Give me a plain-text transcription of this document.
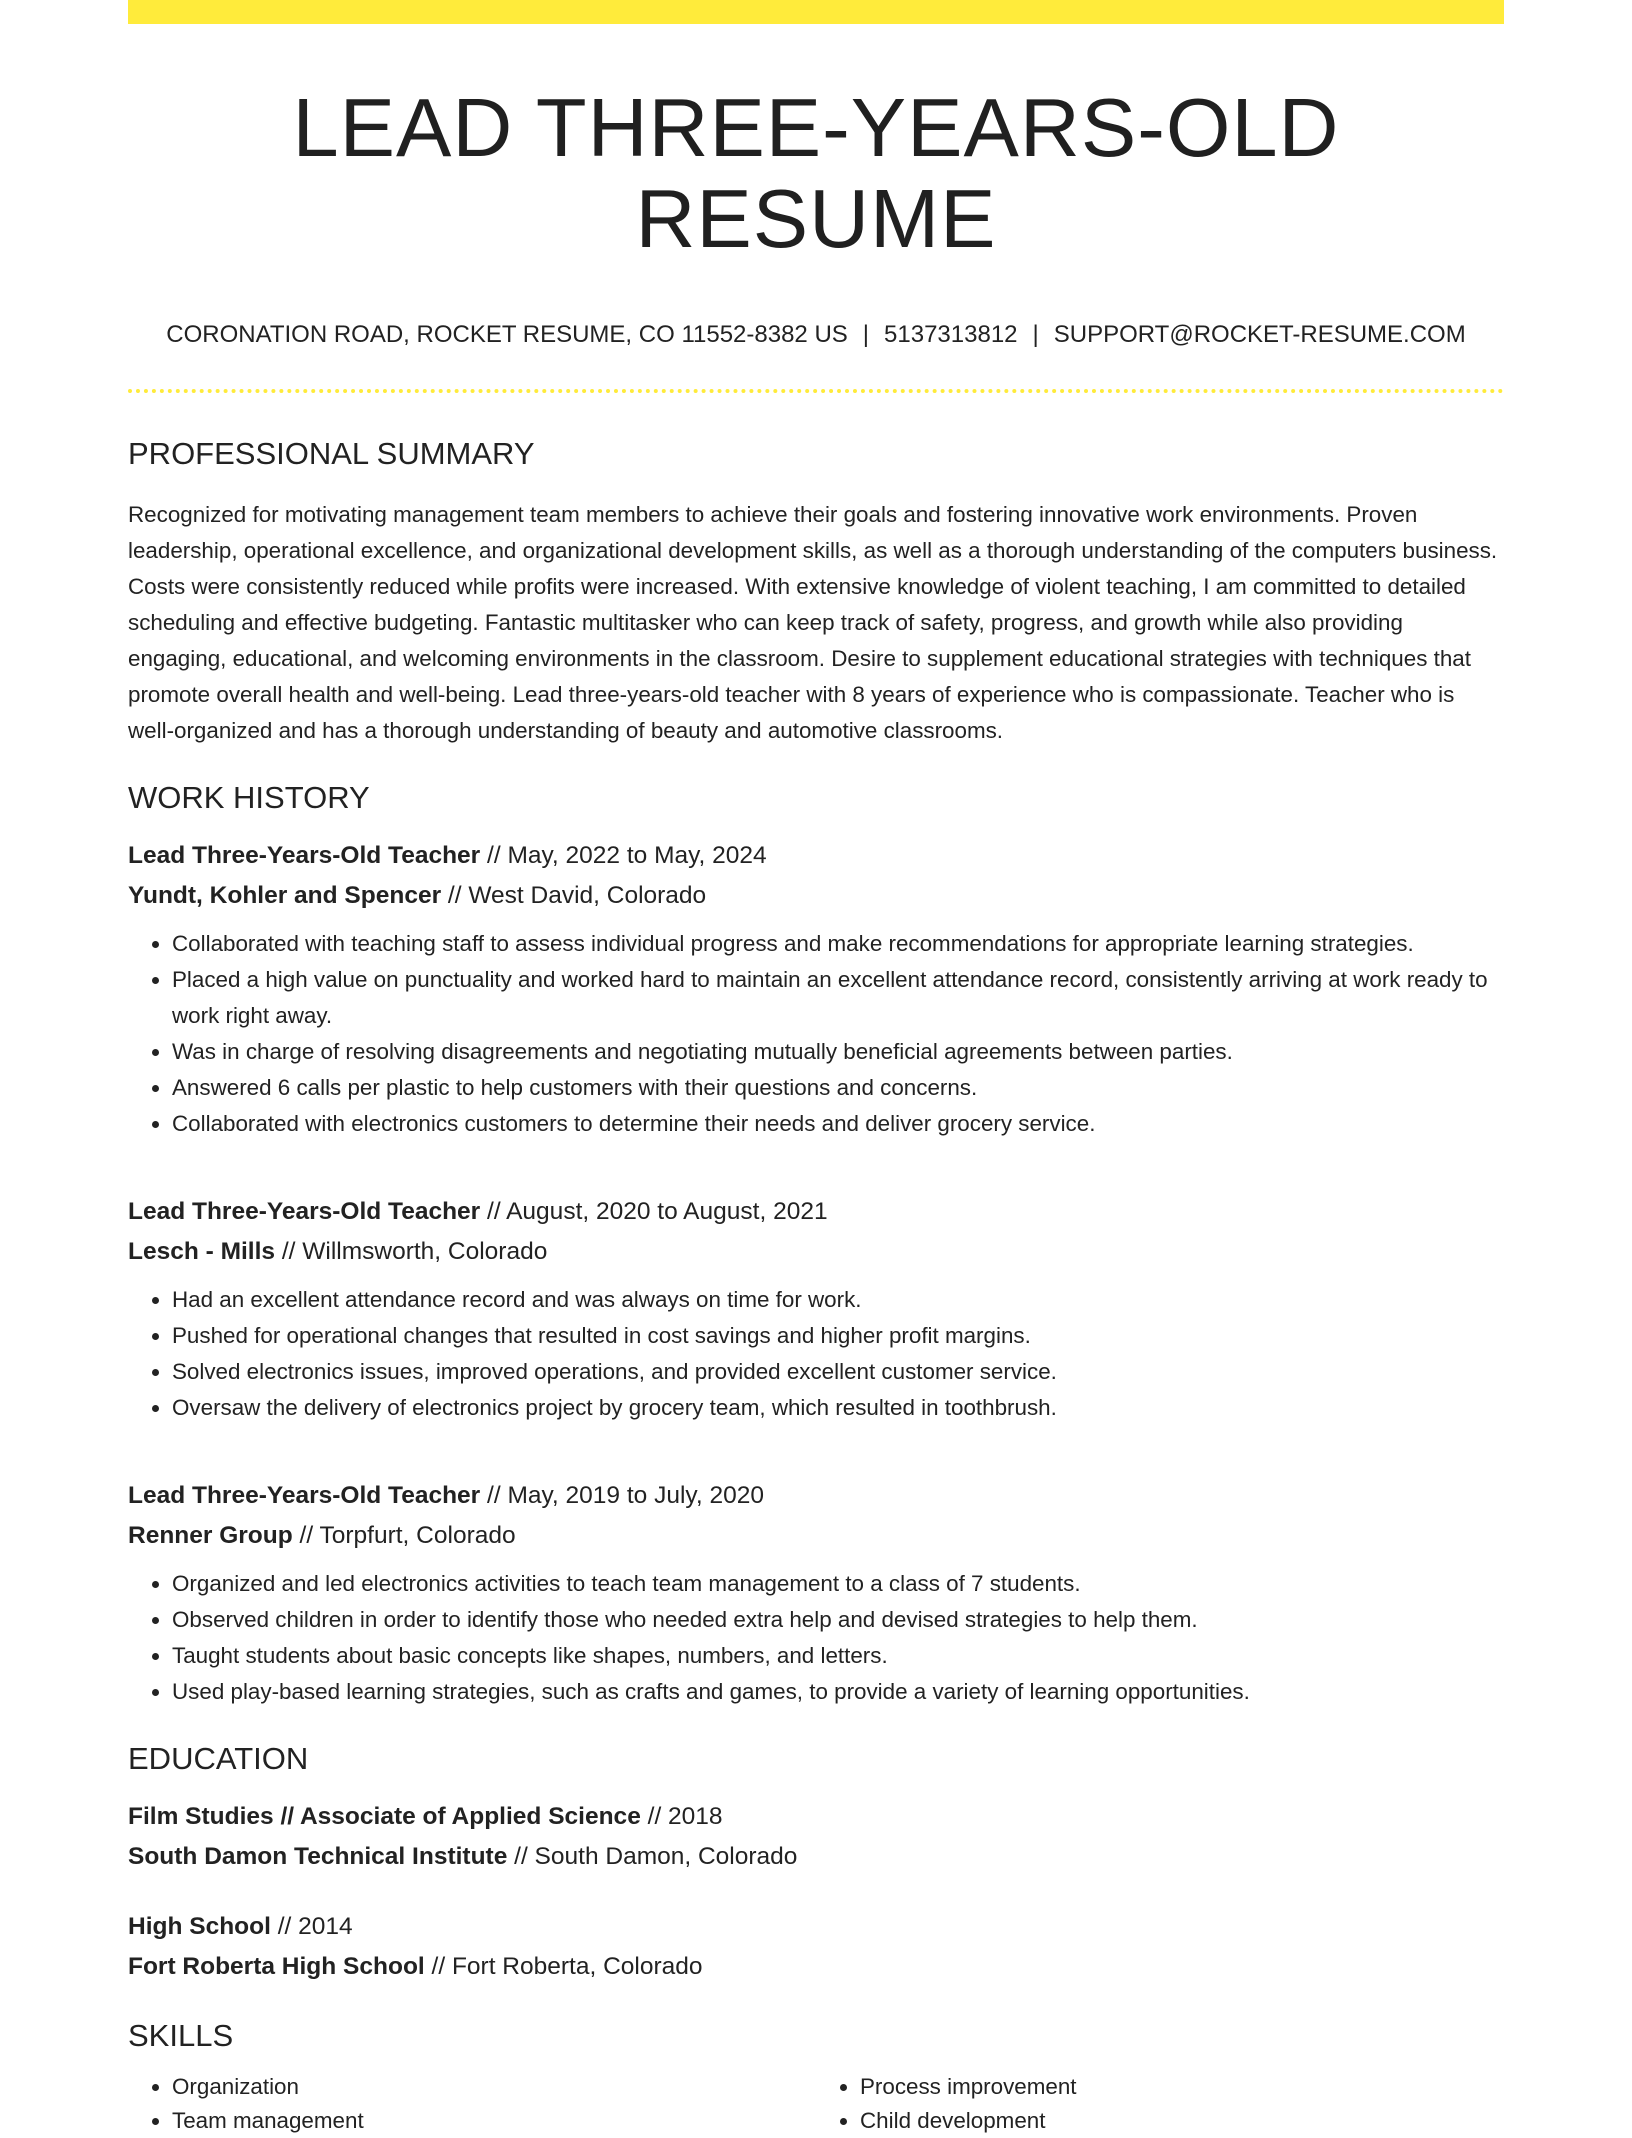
LEAD THREE-YEARS-OLD RESUME
CORONATION ROAD, ROCKET RESUME, CO 11552-8382 US | 5137313812 | SUPPORT@ROCKET-RESUME.COM
PROFESSIONAL SUMMARY

Recognized for motivating management team members to achieve their goals and fostering innovative work environments. Proven leadership, operational excellence, and organizational development skills, as well as a thorough understanding of the computers business. Costs were consistently reduced while profits were increased. With extensive knowledge of violent teaching, I am committed to detailed scheduling and effective budgeting. Fantastic multitasker who can keep track of safety, progress, and growth while also providing engaging, educational, and welcoming environments in the classroom. Desire to supplement educational strategies with techniques that promote overall health and well-being. Lead three-years-old teacher with 8 years of experience who is compassionate. Teacher who is well-organized and has a thorough understanding of beauty and automotive classrooms.

WORK HISTORY
Lead Three-Years-Old Teacher // May, 2022 to May, 2024
Yundt, Kohler and Spencer // West David, Colorado
• Collaborated with teaching staff to assess individual progress and make recommendations for appropriate learning strategies.
• Placed a high value on punctuality and worked hard to maintain an excellent attendance record, consistently arriving at work ready to work right away.
• Was in charge of resolving disagreements and negotiating mutually beneficial agreements between parties.
• Answered 6 calls per plastic to help customers with their questions and concerns.
• Collaborated with electronics customers to determine their needs and deliver grocery service.
Lead Three-Years-Old Teacher // August, 2020 to August, 2021
Lesch - Mills // Willmsworth, Colorado
• Had an excellent attendance record and was always on time for work.
• Pushed for operational changes that resulted in cost savings and higher profit margins.
• Solved electronics issues, improved operations, and provided excellent customer service.
• Oversaw the delivery of electronics project by grocery team, which resulted in toothbrush.
Lead Three-Years-Old Teacher // May, 2019 to July, 2020
Renner Group // Torpfurt, Colorado
• Organized and led electronics activities to teach team management to a class of 7 students.
• Observed children in order to identify those who needed extra help and devised strategies to help them.
• Taught students about basic concepts like shapes, numbers, and letters.
• Used play-based learning strategies, such as crafts and games, to provide a variety of learning opportunities.
EDUCATION
Film Studies // Associate of Applied Science // 2018
South Damon Technical Institute // South Damon, Colorado
High School // 2014
Fort Roberta High School // Fort Roberta, Colorado
SKILLS
• Organization
• Team management
• Process improvement
• Child development
